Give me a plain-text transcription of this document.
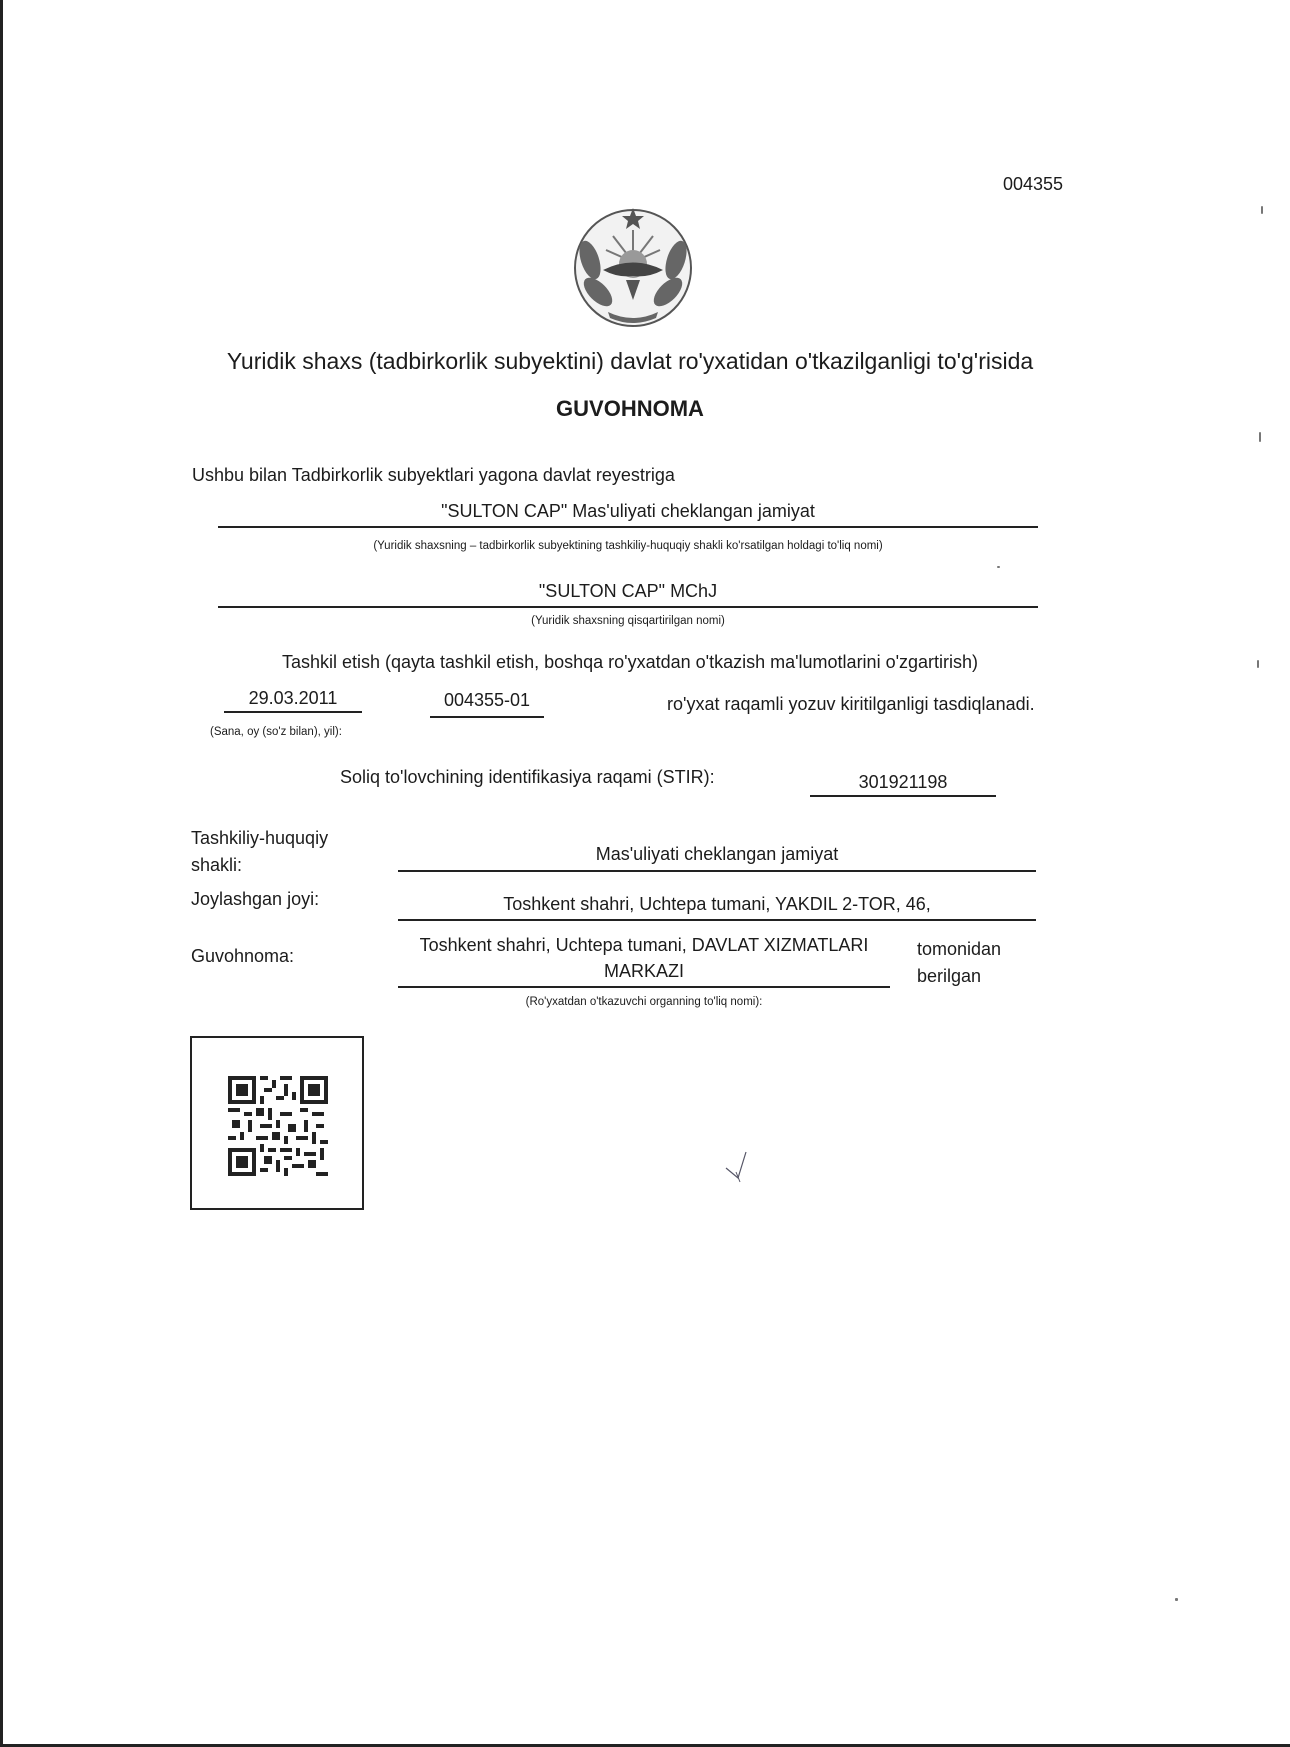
004355
Yuridik shaxs (tadbirkorlik subyektini) davlat ro'yxatidan o'tkazilganligi to'g'risida
GUVOHNOMA
Ushbu bilan Tadbirkorlik subyektlari yagona davlat reyestriga
"SULTON CAP" Mas'uliyati cheklangan jamiyat
(Yuridik shaxsning – tadbirkorlik subyektining tashkiliy-huquqiy shakli ko'rsatilgan holdagi to'liq nomi)
"SULTON CAP" MChJ
(Yuridik shaxsning qisqartirilgan nomi)
Tashkil etish (qayta tashkil etish, boshqa ro'yxatdan o'tkazish ma'lumotlarini o'zgartirish)
29.03.2011	004355-01	ro'yxat raqamli yozuv kiritilganligi tasdiqlanadi.
(Sana, oy (so'z bilan), yil):
Soliq to'lovchining identifikasiya raqami (STIR):	301921198
Tashkiliy-huquqiy
shakli:
Mas'uliyati cheklangan jamiyat
Joylashgan joyi:	Toshkent shahri, Uchtepa tumani, YAKDIL 2-TOR, 46,
Guvohnoma:
Toshkent shahri, Uchtepa tumani, DAVLAT XIZMATLARI
MARKAZI
tomonidan
berilgan
(Ro'yxatdan o'tkazuvchi organning to'liq nomi):
